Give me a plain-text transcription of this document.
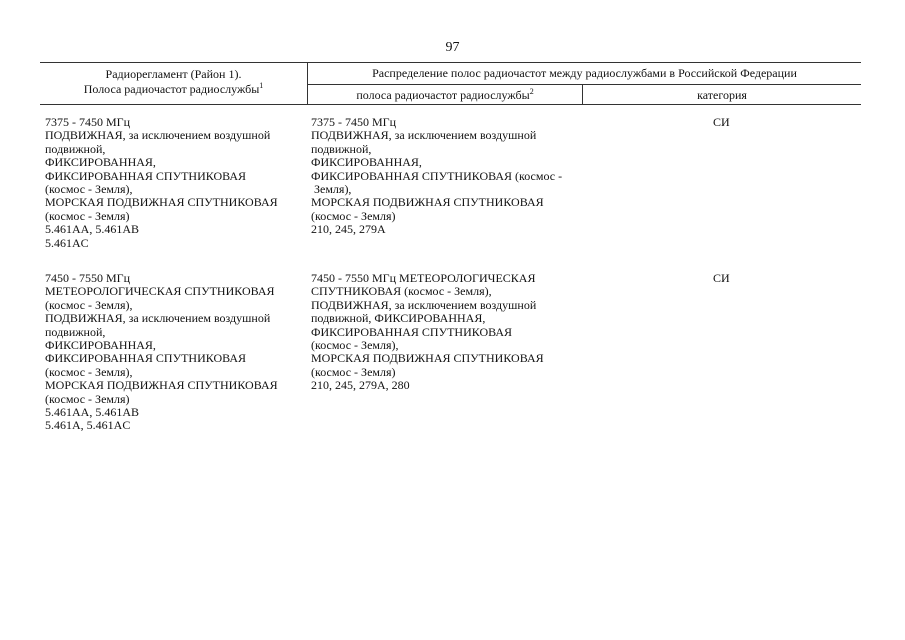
97
Радиорегламент (Район 1).
Полоса радиочастот радиослужбы$^1$
Распределение полос радиочастот между радиослужбами в Российской Федерации
полоса радиочастот радиослужбы$^2$	категория
7375 - 7450 МГц
ПОДВИЖНАЯ, за исключением воздушной
подвижной,
ФИКСИРОВАННАЯ,
ФИКСИРОВАННАЯ СПУТНИКОВАЯ
(космос - Земля),
МОРСКАЯ ПОДВИЖНАЯ СПУТНИКОВАЯ
(космос - Земля)
5.461AA, 5.461AB
5.461AC
7375 - 7450 МГц
ПОДВИЖНАЯ, за исключением воздушной
подвижной,
ФИКСИРОВАННАЯ,
ФИКСИРОВАННАЯ СПУТНИКОВАЯ (космос -
Земля),
МОРСКАЯ ПОДВИЖНАЯ СПУТНИКОВАЯ
(космос - Земля)
210, 245, 279А
СИ
7450 - 7550 МГц
МЕТЕОРОЛОГИЧЕСКАЯ СПУТНИКОВАЯ
(космос - Земля),
ПОДВИЖНАЯ, за исключением воздушной
подвижной,
ФИКСИРОВАННАЯ,
ФИКСИРОВАННАЯ СПУТНИКОВАЯ
(космос - Земля),
МОРСКАЯ ПОДВИЖНАЯ СПУТНИКОВАЯ
(космос - Земля)
5.461AA, 5.461AB
5.461A, 5.461AC
7450 - 7550 МГц МЕТЕОРОЛОГИЧЕСКАЯ
СПУТНИКОВАЯ (космос - Земля),
ПОДВИЖНАЯ, за исключением воздушной
подвижной, ФИКСИРОВАННАЯ,
ФИКСИРОВАННАЯ СПУТНИКОВАЯ
(космос - Земля),
МОРСКАЯ ПОДВИЖНАЯ СПУТНИКОВАЯ
(космос - Земля)
210, 245, 279А, 280
СИ
